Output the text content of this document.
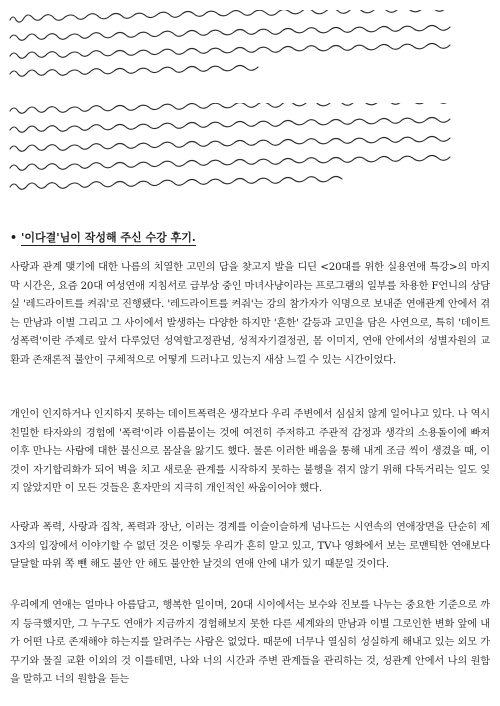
• '이다결'님이 작성해 주신 수강 후기.
사랑과 관계 맺기에 대한 나름의 치열한 고민의 답을 찾고지 발을 디딘 <20대를 위한 실용연애 특강>의 마지막 시간은, 요즘 20대 여성연애 지침서로 급부상 중인 마녀사냥이라는 프로그램의 일부를 차용한 F언니의 상담실 '레드라이트를 켜줘'로 진행됐다. '레드라이트를 켜줘'는 강의 참가자가 익명으로 보내준 연애관계 안에서 겪는 만남과 이별 그리고 그 사이에서 발생하는 다양한 하지만 '흔한' 갈등과 고민을 담은 사연으로, 특히 '데이트 성폭력'이란 주제로 앞서 다루었던 성역할고정관념, 성적자기결정권, 몸 이미지, 연애 안에서의 성별자원의 교환과 존재론적 불안이 구체적으로 어떻게 드러나고 있는지 새삼 느낄 수 있는 시간이었다.
개인이 인지하거나 인지하지 못하는 데이트폭력은 생각보다 우리 주변에서 심심치 않게 일어나고 있다. 나 역시 친밀한 타자와의 경험에 '폭력'이라 이름붙이는 것에 여전히 주저하고 주관적 감정과 생각의 소용돌이에 빠져 이후 만나는 사람에 대한 불신으로 몸살을 앓기도 했다. 물론 이러한 배움을 통해 내게 조금 씩이 생겼을 때, 이것이 자기합리화가 되어 벽을 치고 새로운 관계를 시작하지 못하는 불행을 겪지 않기 위해 다독거리는 일도 잊지 않았지만 이 모든 것들은 혼자만의 지극히 개인적인 싸움이어야 했다.
사랑과 폭력, 사랑과 집착, 폭력과 장난, 이러는 경계를 이슬이슬하게 넘나드는 시연속의 연애장면을 단순히 제3자의 입장에서 이야기할 수 없던 것은 이렇듯 우리가 흔히 알고 있고, TV나 영화에서 보는 로맨틱한 연애보다 달달할 따위 쪽 뺀 해도 불안 안 해도 불안한 날것의 연애 안에 내가 있기 때문일 것이다.
우리에게 연애는 얼마나 아름답고, 행복한 일이며, 20대 시이에서는 보수와 진보를 나누는 중요한 기준으로 까지 등극했지만, 그 누구도 연애가 지금까지 경험해보지 못한 다른 세계와의 만남과 이별 그로인한 변화 앞에 내가 어떤 나로 존재해야 하는지를 알려주는 사람은 없었다. 때문에 너무나 열심히 성실하게 해내고 있는 외모 가꾸기와 물질 교환 이외의 것 이를테면, 나와 너의 시간과 주변 관계들을 관리하는 것, 성관계 안에서 나의 원함을 말하고 너의 원함을 듣는
